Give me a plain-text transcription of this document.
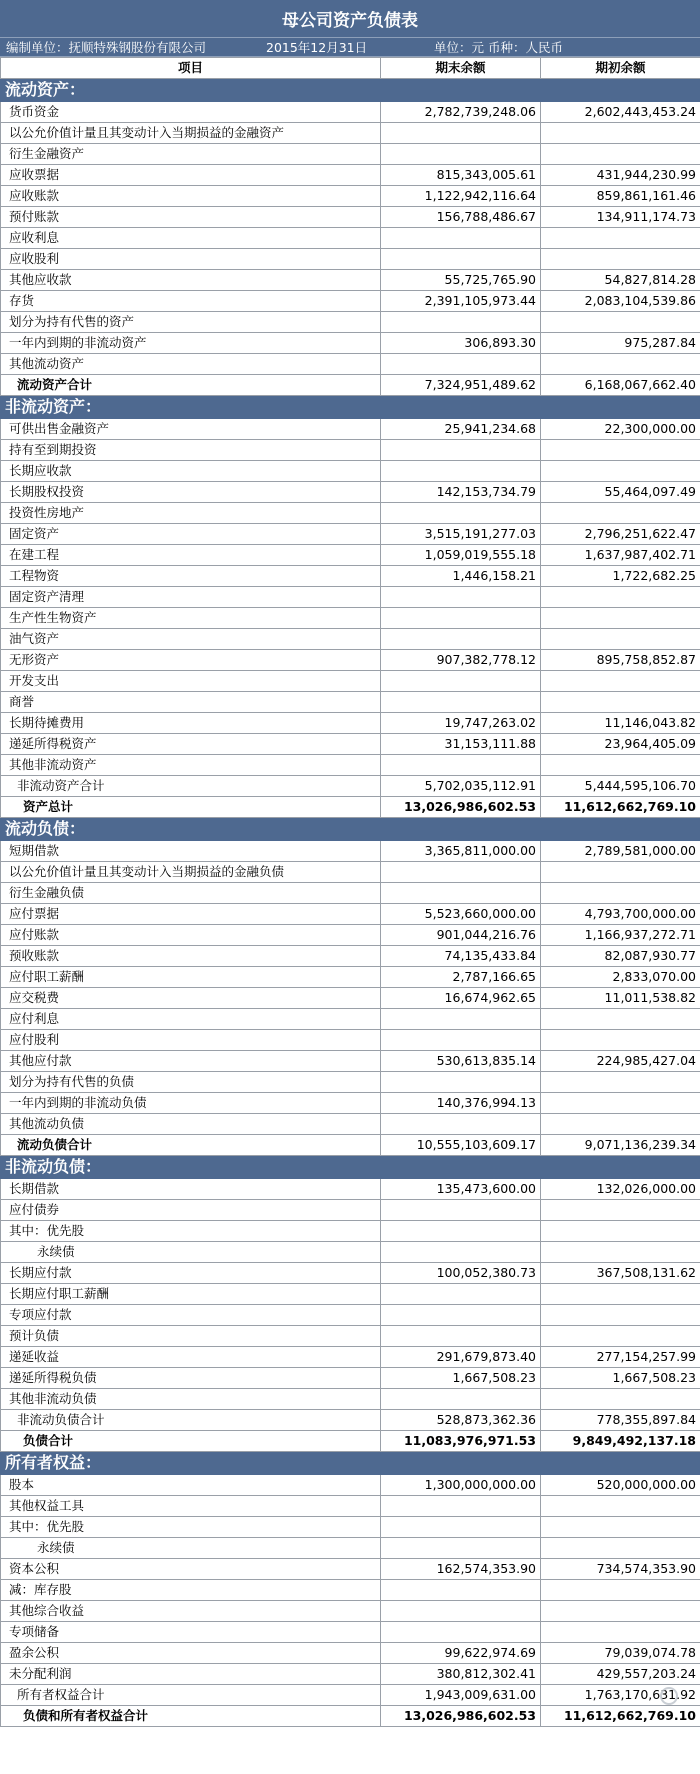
母公司资产负债表
编制单位：抚顺特殊钢股份有限公司	2015年12月31日	单位：元 币种：人民币
项目	期末余额	期初余额
流动资产：		
货币资金	2,782,739,248.06	2,602,443,453.24
以公允价值计量且其变动计入当期损益的金融资产		
衍生金融资产		
应收票据	815,343,005.61	431,944,230.99
应收账款	1,122,942,116.64	859,861,161.46
预付账款	156,788,486.67	134,911,174.73
应收利息		
应收股利		
其他应收款	55,725,765.90	54,827,814.28
存货	2,391,105,973.44	2,083,104,539.86
划分为持有代售的资产		
一年内到期的非流动资产	306,893.30	975,287.84
其他流动资产		
流动资产合计	7,324,951,489.62	6,168,067,662.40
非流动资产：		
可供出售金融资产	25,941,234.68	22,300,000.00
持有至到期投资		
长期应收款		
长期股权投资	142,153,734.79	55,464,097.49
投资性房地产		
固定资产	3,515,191,277.03	2,796,251,622.47
在建工程	1,059,019,555.18	1,637,987,402.71
工程物资	1,446,158.21	1,722,682.25
固定资产清理		
生产性生物资产		
油气资产		
无形资产	907,382,778.12	895,758,852.87
开发支出		
商誉		
长期待摊费用	19,747,263.02	11,146,043.82
递延所得税资产	31,153,111.88	23,964,405.09
其他非流动资产		
非流动资产合计	5,702,035,112.91	5,444,595,106.70
资产总计	13,026,986,602.53	11,612,662,769.10
流动负债：		
短期借款	3,365,811,000.00	2,789,581,000.00
以公允价值计量且其变动计入当期损益的金融负债		
衍生金融负债		
应付票据	5,523,660,000.00	4,793,700,000.00
应付账款	901,044,216.76	1,166,937,272.71
预收账款	74,135,433.84	82,087,930.77
应付职工薪酬	2,787,166.65	2,833,070.00
应交税费	16,674,962.65	11,011,538.82
应付利息		
应付股利		
其他应付款	530,613,835.14	224,985,427.04
划分为持有代售的负债		
一年内到期的非流动负债	140,376,994.13	
其他流动负债		
流动负债合计	10,555,103,609.17	9,071,136,239.34
非流动负债：		
长期借款	135,473,600.00	132,026,000.00
应付债券		
其中：优先股		
永续债		
长期应付款	100,052,380.73	367,508,131.62
长期应付职工薪酬		
专项应付款		
预计负债		
递延收益	291,679,873.40	277,154,257.99
递延所得税负债	1,667,508.23	1,667,508.23
其他非流动负债		
非流动负债合计	528,873,362.36	778,355,897.84
负债合计	11,083,976,971.53	9,849,492,137.18
所有者权益：		
股本	1,300,000,000.00	520,000,000.00
其他权益工具		
其中：优先股		
永续债		
资本公积	162,574,353.90	734,574,353.90
减：库存股		
其他综合收益		
专项储备		
盈余公积	99,622,974.69	79,039,074.78
未分配利润	380,812,302.41	429,557,203.24
所有者权益合计	1,943,009,631.00	1,763,170,631.92
负债和所有者权益合计	13,026,986,602.53	11,612,662,769.10
